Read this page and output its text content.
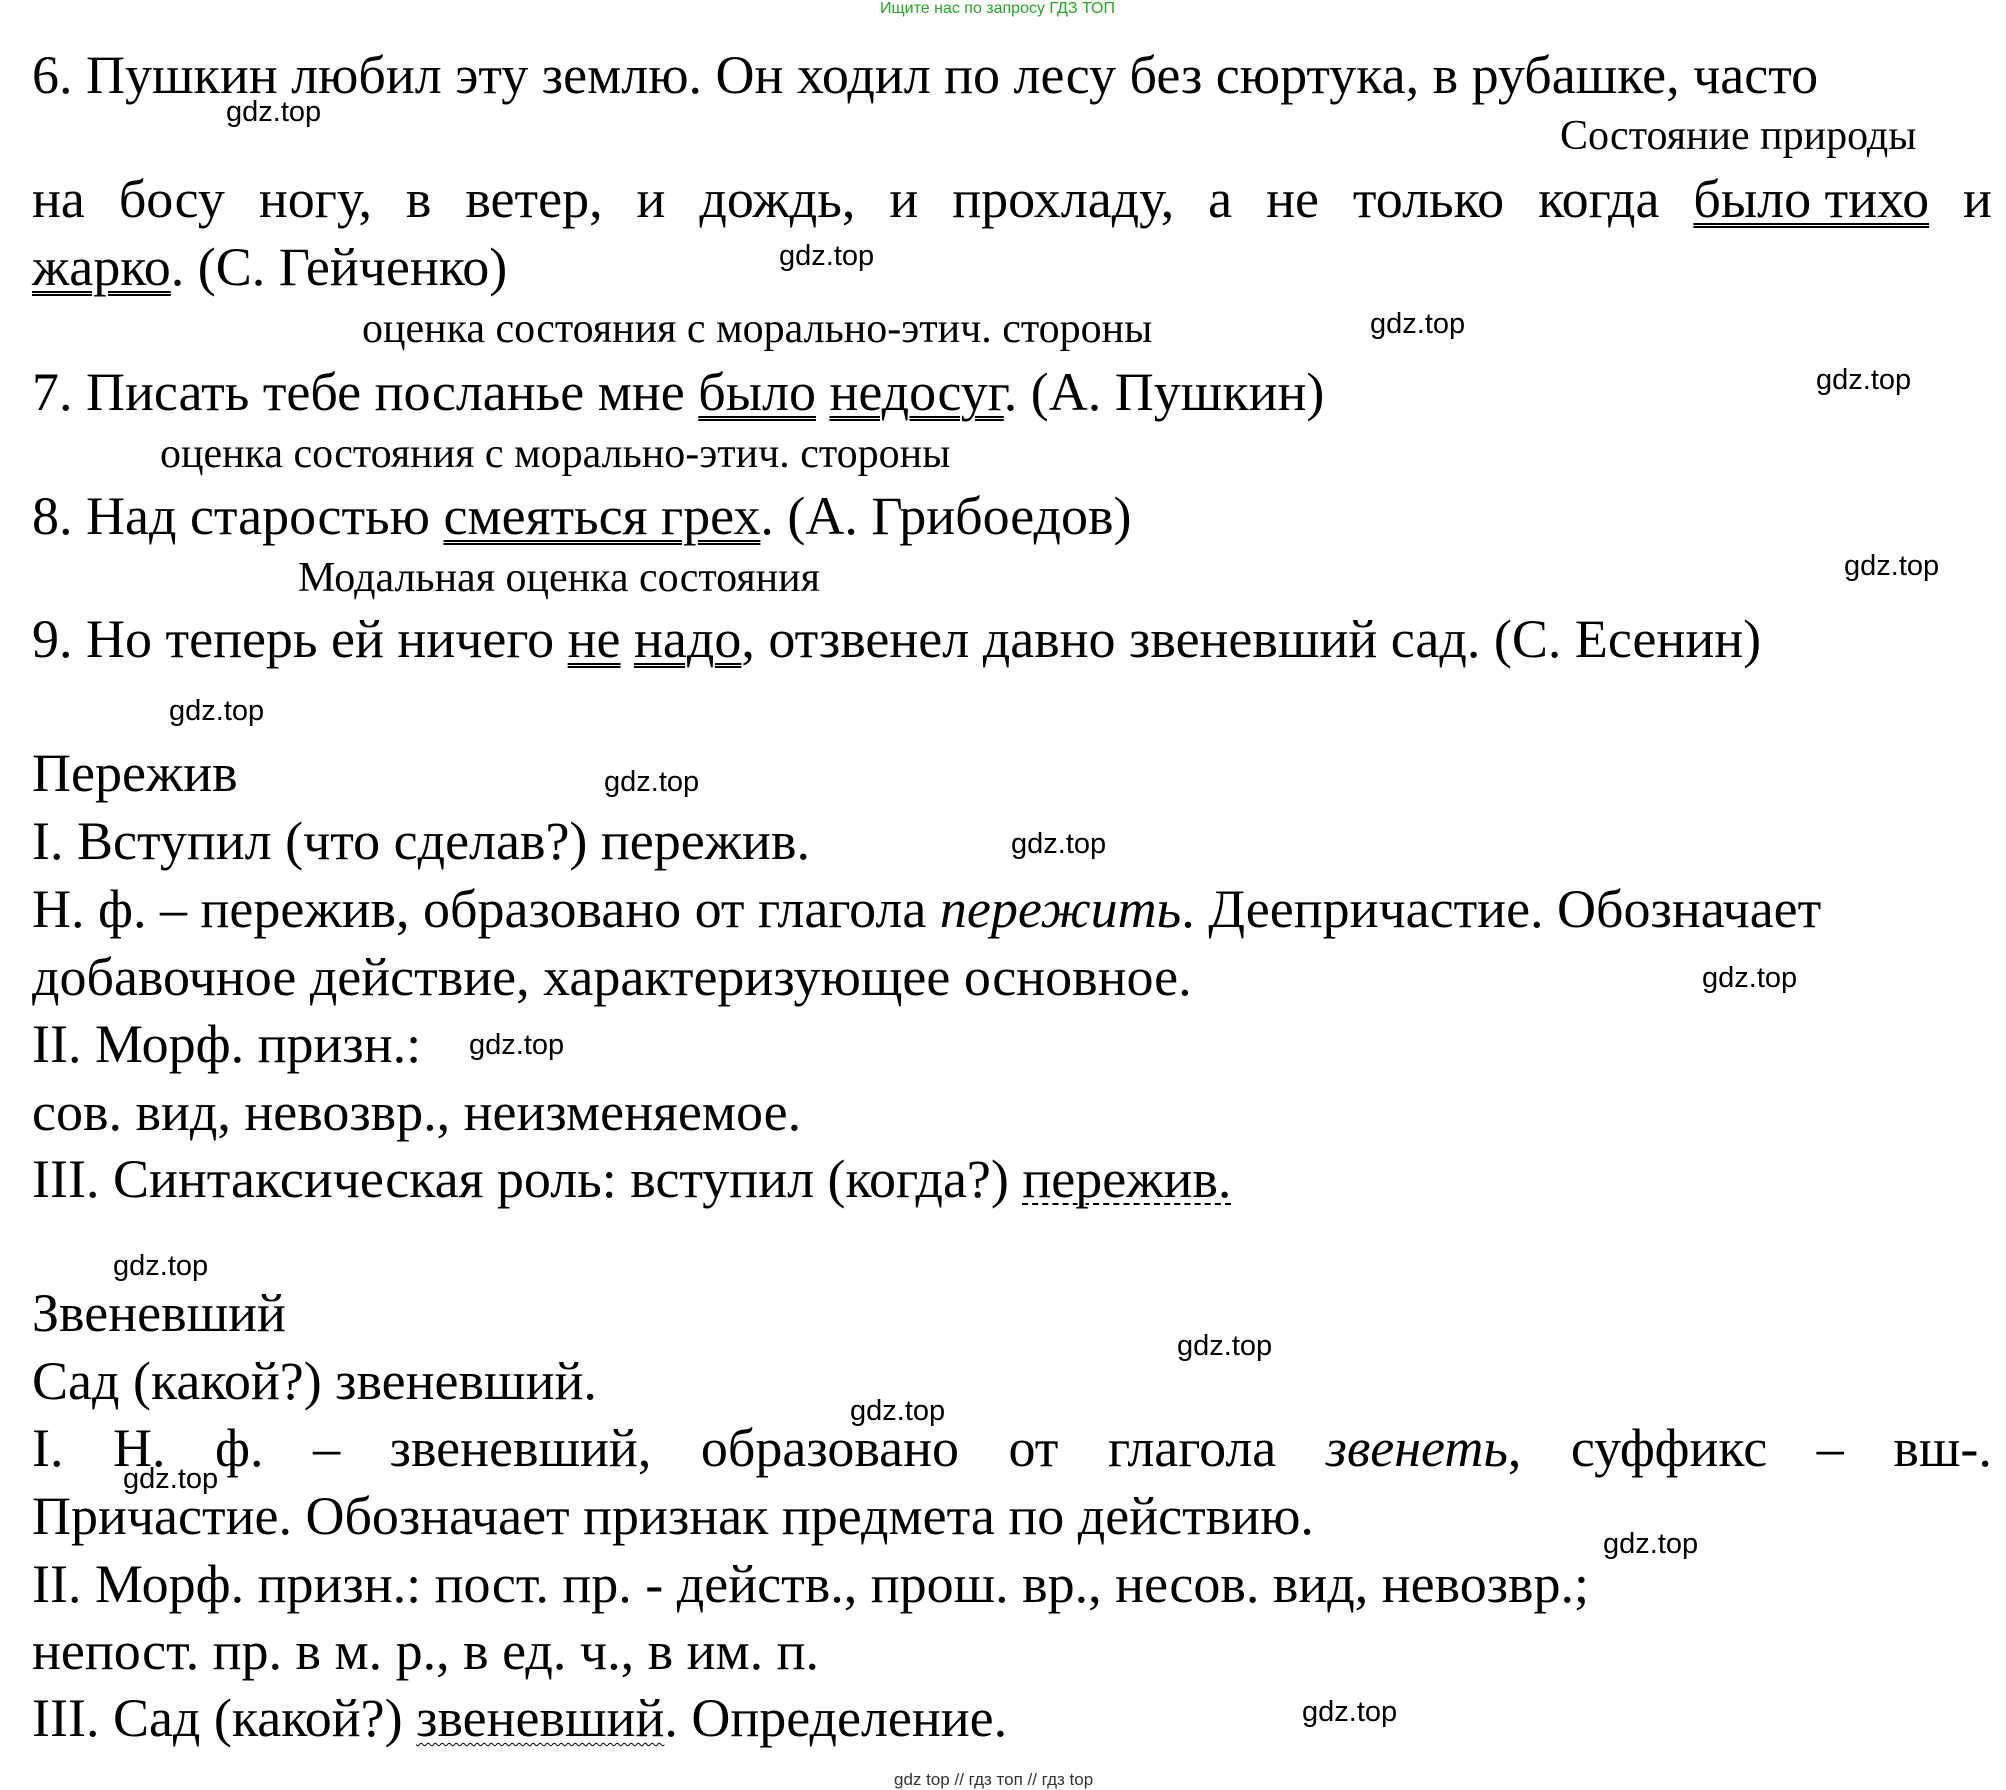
Ищите нас по запросу ГДЗ ТОП
6. Пушкин любил эту землю. Он ходил по лесу без сюртука, в рубашке, часто
gdz.top
Состояние природы
на босу ногу, в ветер, и дождь, и прохладу, а не только когда было тихо и
жарко. (С. Гейченко)	gdz.top
оценка состояния с морально-этич. стороны	gdz.top
7. Писать тебе посланье мне было недосуг. (А. Пушкин)	gdz.top
оценка состояния с морально-этич. стороны
8. Над старостью смеяться грех. (А. Грибоедов)
Модальная оценка состояния	gdz.top
9. Но теперь ей ничего не надо, отзвенел давно звеневший сад. (С. Есенин)
gdz.top
Пережив	gdz.top
I. Вступил (что сделав?) пережив.	gdz.top
Н. ф. – пережив, образовано от глагола пережить. Деепричастие. Обозначает
добавочное действие, характеризующее основное.	gdz.top
II. Морф. призн.: gdz.top
сов. вид, невозвр., неизменяемое.
III. Синтаксическая роль: вступил (когда?) пережив.
gdz.top
Звеневший
gdz.top
Сад (какой?) звеневший.	gdz.top
I. Н. ф. – звеневший, образовано от глагола звенеть, суффикс – вш-.
gdz.top
Причастие. Обозначает признак предмета по действию.	gdz.top
II. Морф. призн.: пост. пр. - действ., прош. вр., несов. вид, невозвр.;
непост. пр. в м. р., в ед. ч., в им. п.
III. Сад (какой?) звеневший. Определение.	gdz.top
gdz top // гдз топ // гдз top
